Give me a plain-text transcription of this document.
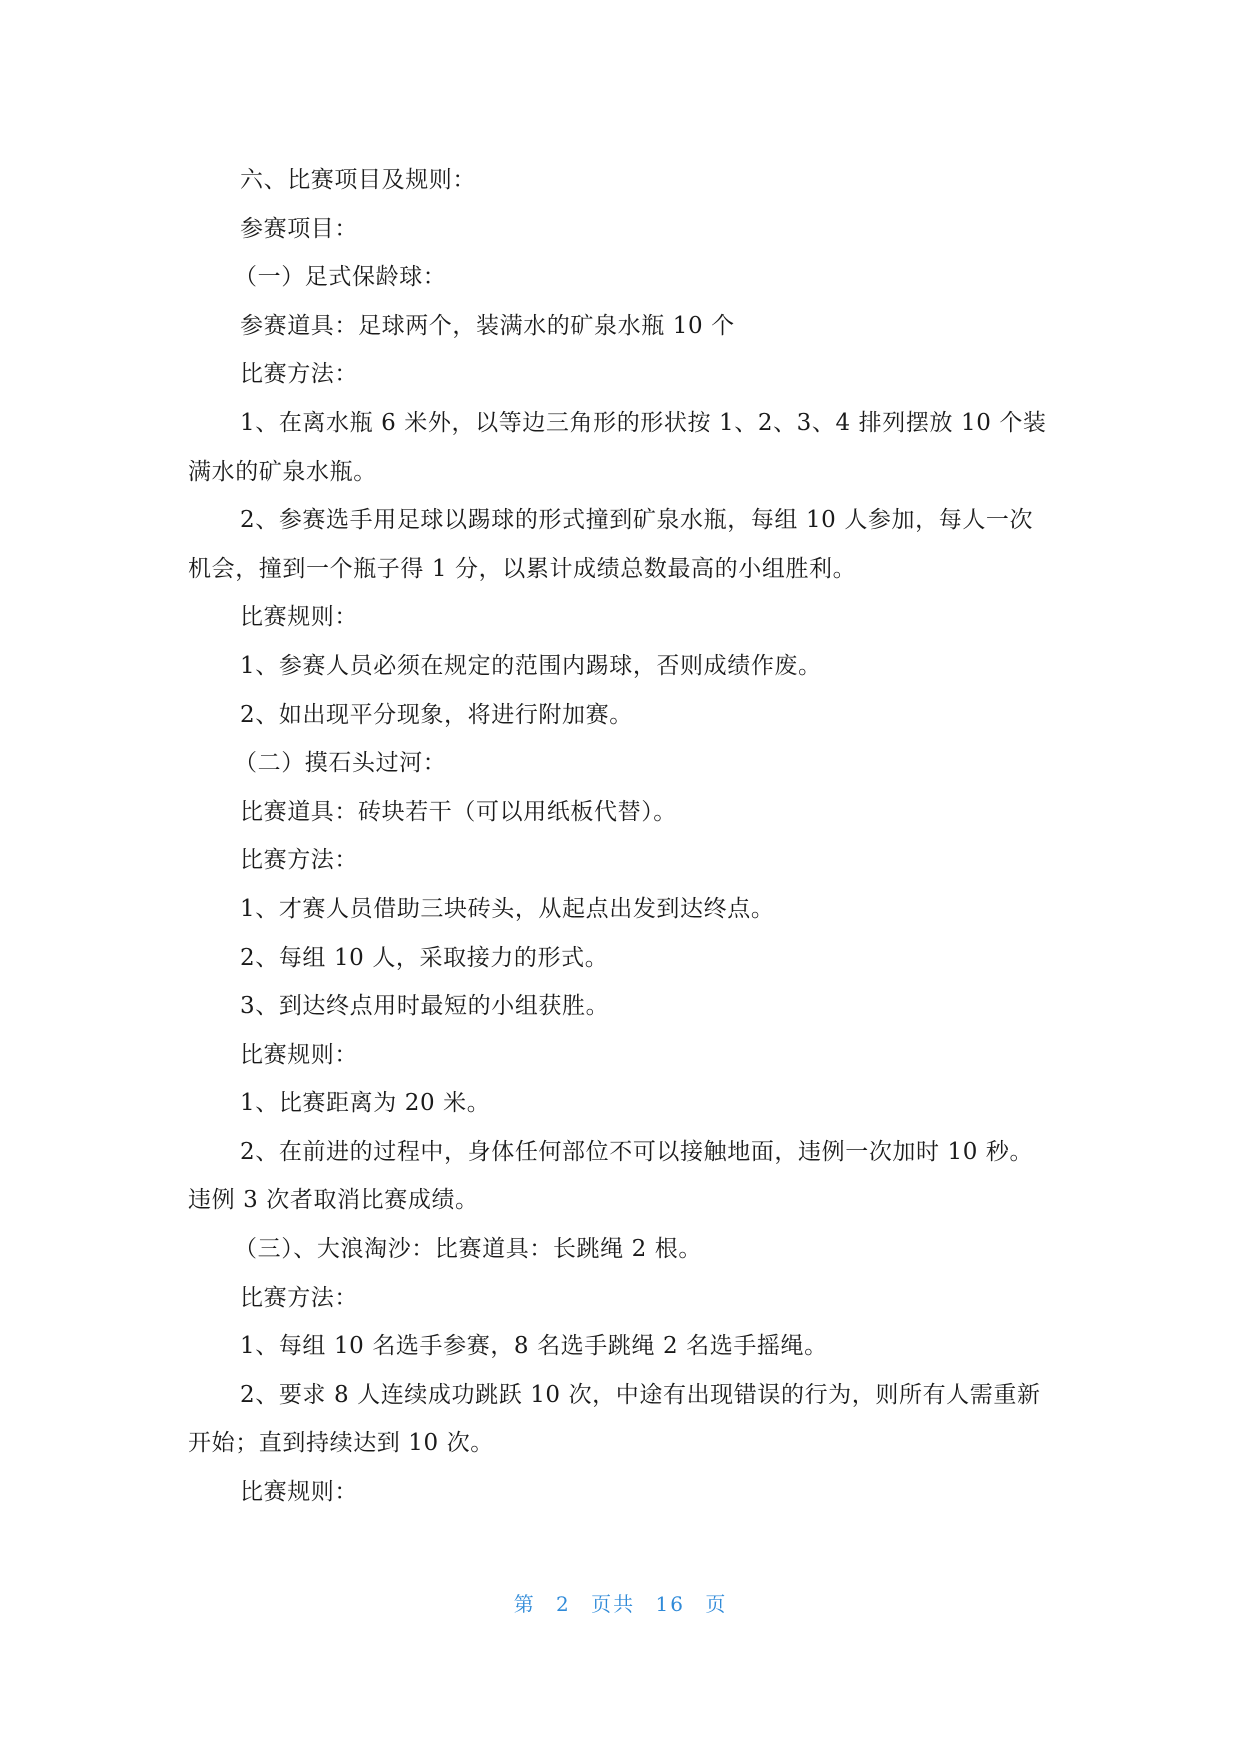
六、比赛项目及规则：

参赛项目：

（一）足式保龄球：

参赛道具：足球两个，装满水的矿泉水瓶 10 个

比赛方法：

1、在离水瓶 6 米外，以等边三角形的形状按 1、2、3、4 排列摆放 10 个装满水的矿泉水瓶。

2、参赛选手用足球以踢球的形式撞到矿泉水瓶，每组 10 人参加，每人一次机会，撞到一个瓶子得 1 分，以累计成绩总数最高的小组胜利。

比赛规则：

1、参赛人员必须在规定的范围内踢球，否则成绩作废。

2、如出现平分现象，将进行附加赛。

（二）摸石头过河：

比赛道具：砖块若干（可以用纸板代替）。

比赛方法：

1、才赛人员借助三块砖头，从起点出发到达终点。

2、每组 10 人，采取接力的形式。

3、到达终点用时最短的小组获胜。

比赛规则：

1、比赛距离为 20 米。

2、在前进的过程中，身体任何部位不可以接触地面，违例一次加时 10 秒。违例 3 次者取消比赛成绩。

（三）、大浪淘沙：比赛道具：长跳绳 2 根。

比赛方法：

1、每组 10 名选手参赛，8 名选手跳绳 2 名选手摇绳。

2、要求 8 人连续成功跳跃 10 次，中途有出现错误的行为，则所有人需重新开始；直到持续达到 10 次。

比赛规则：

第 2 页共 16 页
